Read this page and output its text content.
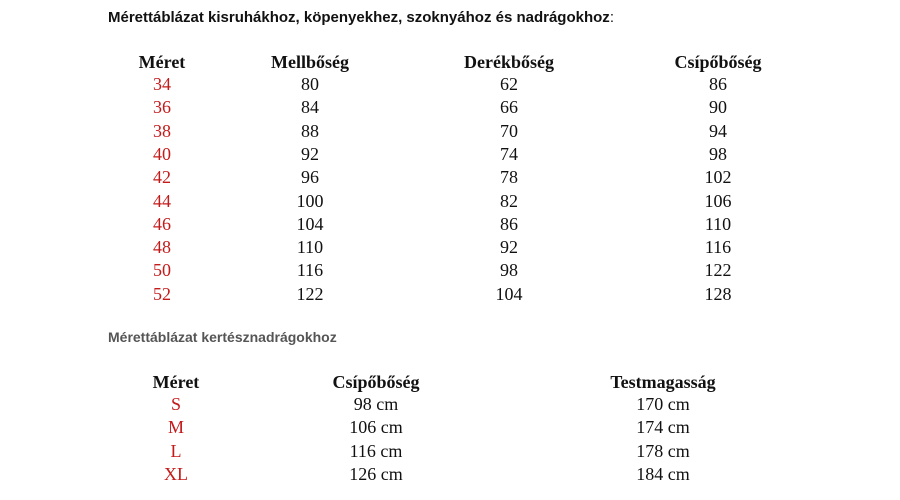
Mérettáblázat kisruhákhoz, köpenyekhez, szoknyához és nadrágokhoz:
Méret	Mellbőség	Derékbőség	Csípőbőség
34	80	62	86
36	84	66	90
38	88	70	94
40	92	74	98
42	96	78	102
44	100	82	106
46	104	86	110
48	110	92	116
50	116	98	122
52	122	104	128
Mérettáblázat kertésznadrágokhoz
Méret	Csípőbőség	Testmagasság
S	98 cm	170 cm
M	106 cm	174 cm
L	116 cm	178 cm
XL	126 cm	184 cm
